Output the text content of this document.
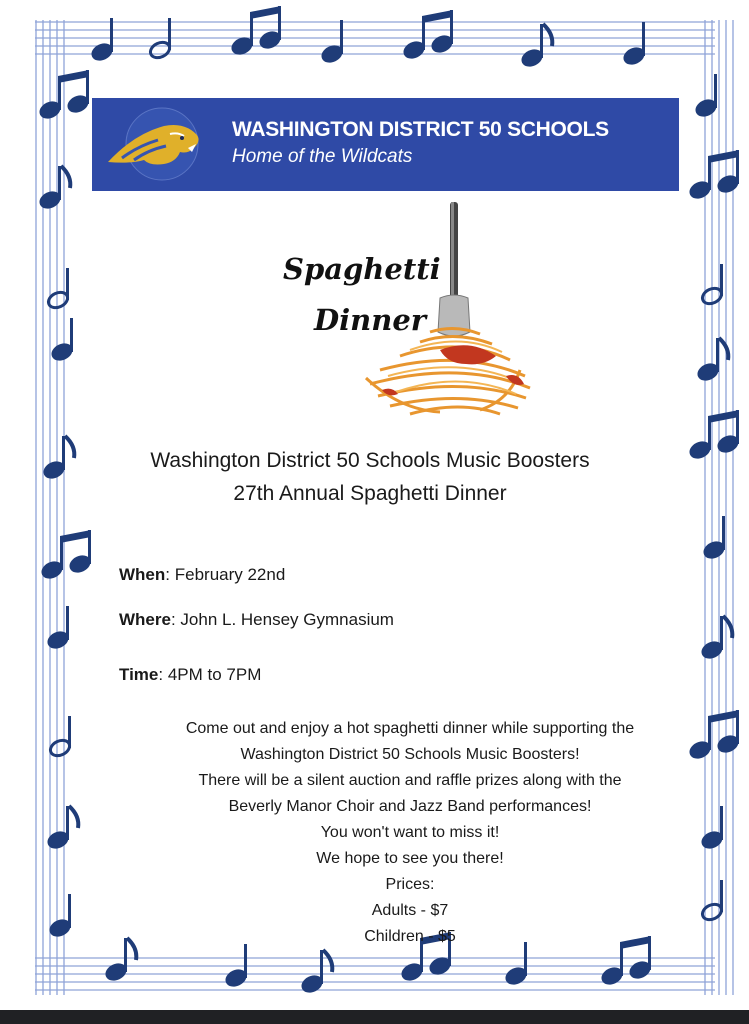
WASHINGTON DISTRICT 50 SCHOOLS
Home of the Wildcats
Spaghetti
Dinner
Washington District 50 Schools Music Boosters
27th Annual Spaghetti Dinner
When: February 22nd
Where: John L. Hensey Gymnasium
Time: 4PM to 7PM
Come out and enjoy a hot spaghetti dinner while supporting the
Washington District 50 Schools Music Boosters!
There will be a silent auction and raffle prizes along with the
Beverly Manor Choir and Jazz Band performances!
You won't want to miss it!
We hope to see you there!
Prices:
Adults - $7
Children - $5
